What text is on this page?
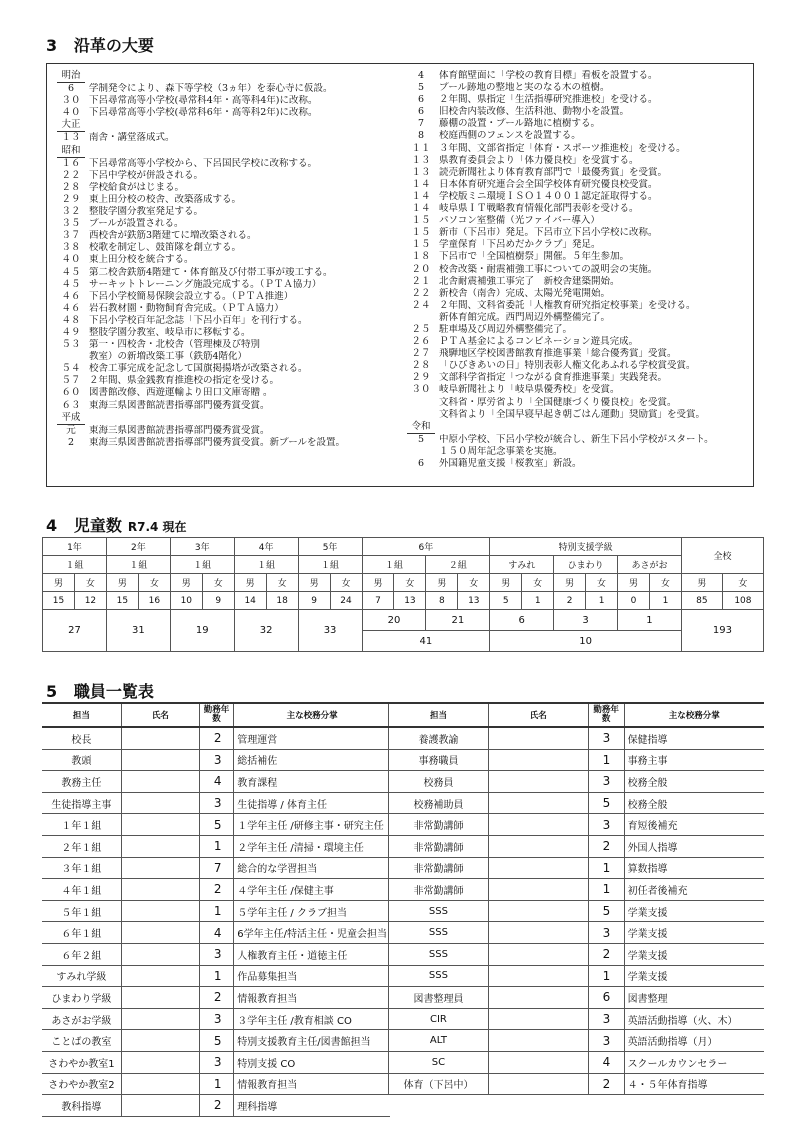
3 沿革の大要
明治
6	学制発令により、森下等学校（3ヵ年）を泰心寺に仮設。
３０ 下呂尋常高等小学校(尋常科4年・高等科4年)に改称。
４０ 下呂尋常高等小学校(尋常科6年・高等科2年)に改称。
大正
１３ 南舎・講堂落成式。
昭和
１６ 下呂尋常高等小学校から、下呂国民学校に改称する。
２２ 下呂中学校が併設される。
２８ 学校給食がはじまる。
２９ 東上田分校の校舎、改築落成する。
３２ 整肢学園分教室発足する。
３５ プールが設置される。
３７ 西校舎が鉄筋3階建てに増改築される。
３８ 校歌を制定し、鼓笛隊を創立する。
４０ 東上田分校を統合する。
４５ 第二校舎鉄筋4階建て・体育館及び付帯工事が竣工する。
４５ サーキットトレーニング施設完成する。（ＰＴＡ協力）
４６ 下呂小学校簡易保険会設立する。（ＰＴＡ推進）
４６ 岩石教材園・動物飼育舎完成。（ＰＴＡ協力）
４８ 下呂小学校百年記念誌「下呂小百年」を刊行する。
４９ 整肢学園分教室、岐阜市に移転する。
５３ 第一・四校舎・北校舎（管理棟及び特別
教室）の新増改築工事（鉄筋4階化）
５４ 校舎工事完成を記念して国旗掲揚塔が改築される。
５７ ２年間、県金銭教育推進校の指定を受ける。
６０ 図書館改修、西遊運輸より田口文庫寄贈 。
６３ 東海三県図書館読書指導部門優秀賞受賞。
平成
元	東海三県図書館読書指導部門優秀賞受賞。
2	東海三県図書館読書指導部門優秀賞受賞。新プールを設置。
4	体育館壁面に「学校の教育目標」看板を設置する。
5	プール跡地の整地と実のなる木の植樹。
6	２年間、県指定「生活指導研究推進校」を受ける。
6	旧校舎内装改修、生活科池、動物小を設置。
7	藤棚の設置・プール路地に植樹する。
8	校庭西側のフェンスを設置する。
１１ ３年間、文部省指定「体育・スポーツ推進校」を受ける。
１３ 県教育委員会より「体力優良校」を受賞する。
１３ 読売新聞社より体育教育部門で「最優秀賞」を受賞。
１４ 日本体育研究連合会全国学校体育研究優良校受賞。
１４ 学校版ミニ環境ＩＳＯ１４００１認定証取得する。
１４ 岐阜県ＩＴ戦略教育情報化部門表彰を受ける。
１５ パソコン室整備（光ファイバー導入）
１５ 新市（下呂市）発足。下呂市立下呂小学校に改称。
１５ 学童保育「下呂めだかクラブ」発足。
１８ 下呂市で「全国植樹祭」開催。５年生参加。
２０ 校舎改築・耐震補強工事についての説明会の実施。
２１ 北舎耐震補強工事完了　新校舎建築開始。
２２ 新校舎（南舎）完成、太陽光発電開始。
２４ ２年間、文科省委託「人権教育研究指定校事業」を受ける。
新体育館完成。西門周辺外構整備完了。
２５ 駐車場及び周辺外構整備完了。
２６ ＰＴＡ基金によるコンビネーション遊具完成。
２７ 飛騨地区学校図書館教育推進事業「総合優秀賞」受賞。
２８ 「ひびきあいの日」特別表彰人権文化あふれる学校賞受賞。
２９ 文部科学省指定「つながる食育推進事業」実践発表。
３０ 岐阜新聞社より「岐阜県優秀校」を受賞。
文科省・厚労省より「全国健康づくり優良校」を受賞。
文科省より「全国早寝早起き朝ごはん運動」奨励賞」を受賞。
令和
5	中原小学校、下呂小学校が統合し、新生下呂小学校がスタート。
１５０周年記念事業を実施。
6	外国籍児童支援「桜教室」新設。
4 児童数 R7.4 現在
1年		2年		3年		4年		5年		6年				特別支援学級						全校	
１組		１組		１組		１組		１組		１組		２組		すみれ		ひまわり		あさがお			
男	女	男	女	男	女	男	女	男	女	男	女	男	女	男	女	男	女	男	女	男	女
15	12	15	16	10	9	14	18	9	24	7	13	8	13	5	1	2	1	0	1	85	108
27		31		19		32		33		20		21		6		3		1		193	
										41				10							
5 職員一覧表
担当	氏名	勤務年数	主な校務分掌
校長		2	管理運営
教頭		3	総括補佐
教務主任		4	教育課程
生徒指導主事		3	生徒指導 / 体育主任
１年１組		5	１学年主任 /研修主事・研究主任
２年１組		1	２学年主任 /清掃・環境主任
３年１組		7	総合的な学習担当
４年１組		2	４学年主任 /保健主事
５年１組		1	５学年主任 / クラブ担当
６年１組		4	6学年主任/特活主任・児童会担当
６年２組		3	人権教育主任・道徳主任
すみれ学級		1	作品募集担当
ひまわり学級		2	情報教育担当
あさがお学級		3	３学年主任 /教育相談 CO
ことばの教室		5	特別支援教育主任/図書館担当
さわやか教室1		3	特別支援 CO
さわやか教室2		1	情報教育担当
教科指導		2	理科指導
担当	氏名	勤務年数	主な校務分掌
養護教諭		3	保健指導
事務職員		1	事務主事
校務員		3	校務全般
校務補助員		5	校務全般
非常勤講師		3	育短後補充
非常勤講師		2	外国人指導
非常勤講師		1	算数指導
非常勤講師		1	初任者後補充
SSS		5	学業支援
SSS		3	学業支援
SSS		2	学業支援
SSS		1	学業支援
図書整理員		6	図書整理
CIR		3	英語活動指導（火、木）
ALT		3	英語活動指導（月）
SC		4	スクールカウンセラー
体育（下呂中）		2	４・５年体育指導
